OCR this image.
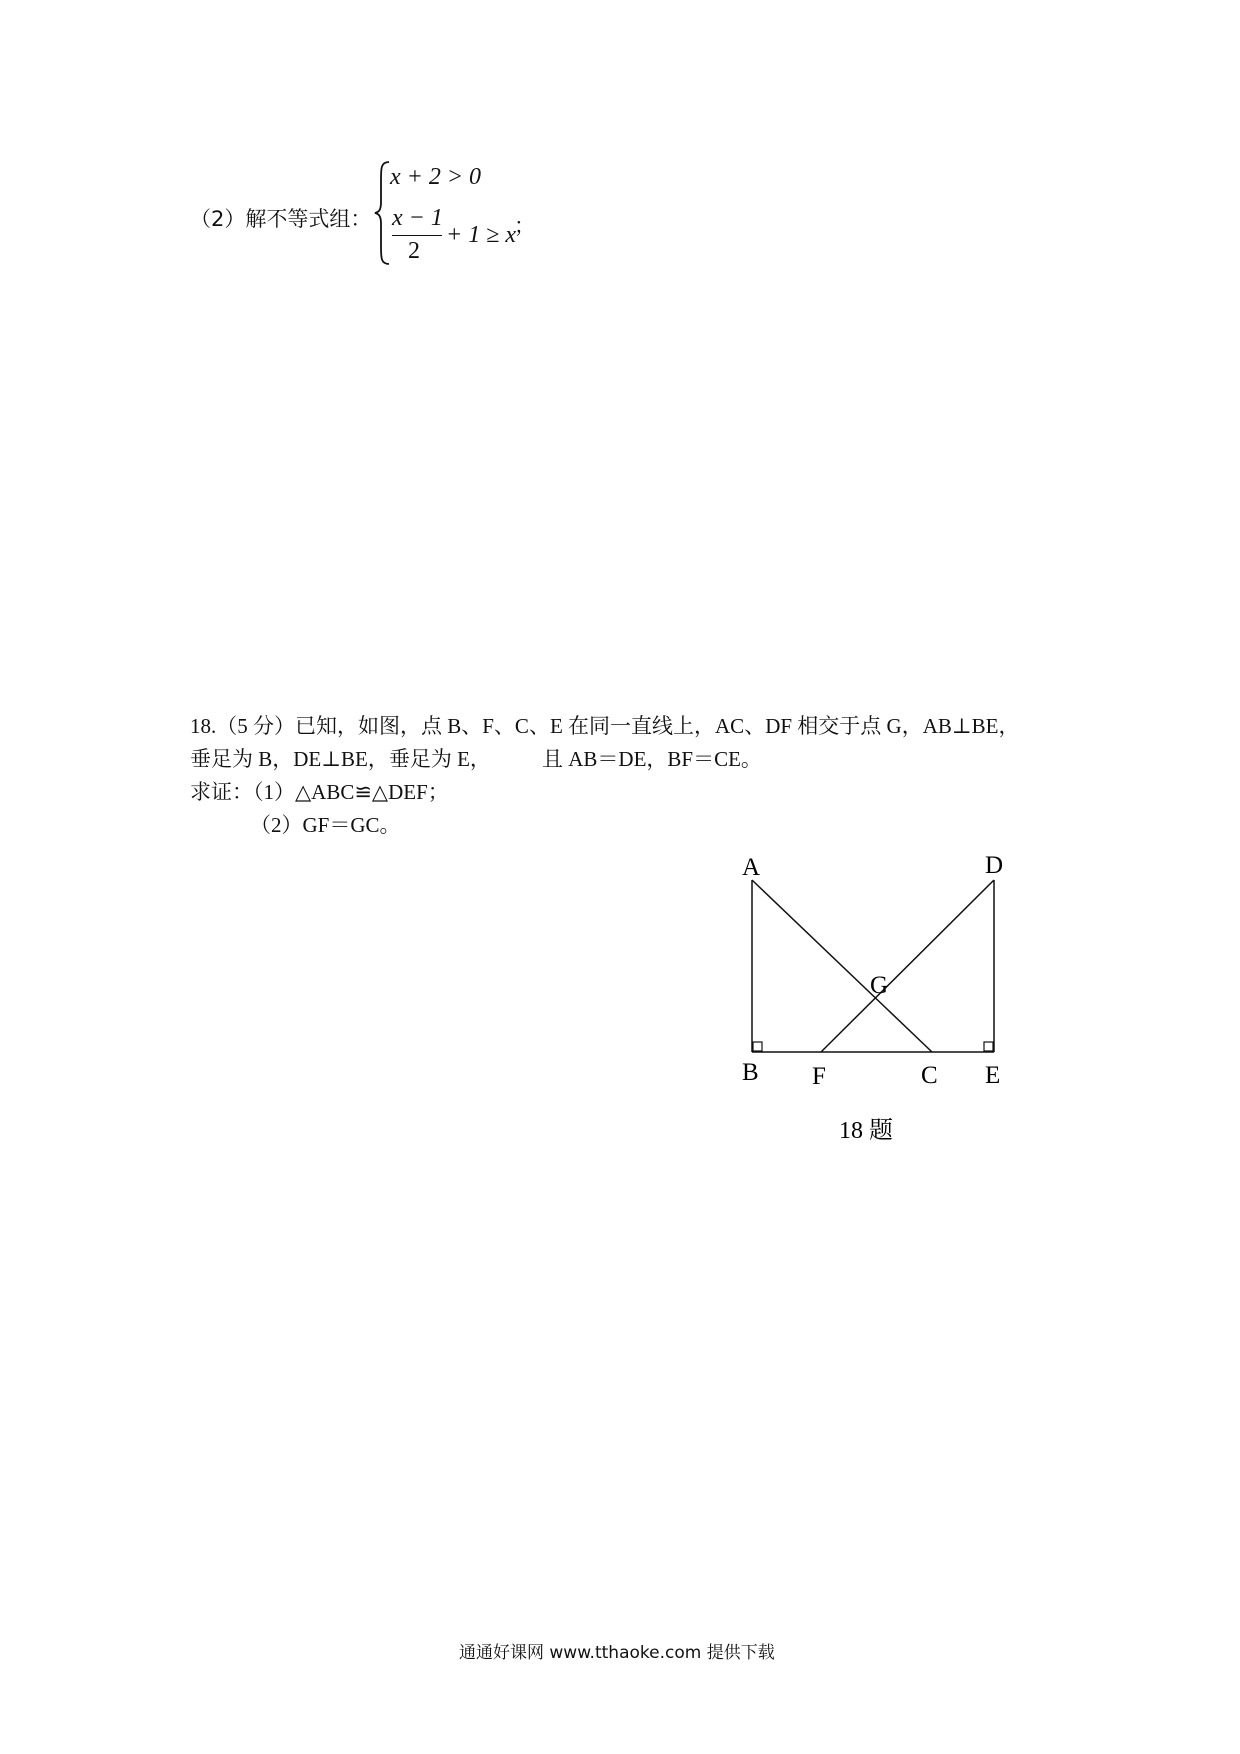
（2）解不等式组：
x + 2 > 0
x − 1
2
+ 1 ≥ x
；
18.（5 分）已知，如图，点 B、F、C、E 在同一直线上，AC、DF 相交于点 G，AB⊥BE，
垂足为 B，DE⊥BE，垂足为 E， 且 AB＝DE，BF＝CE。
求证：（1）△ABC≌△DEF；
（2）GF＝GC。
A	D
G
B F	C E
18 题
通通好课网 www.tthaoke.com 提供下载
